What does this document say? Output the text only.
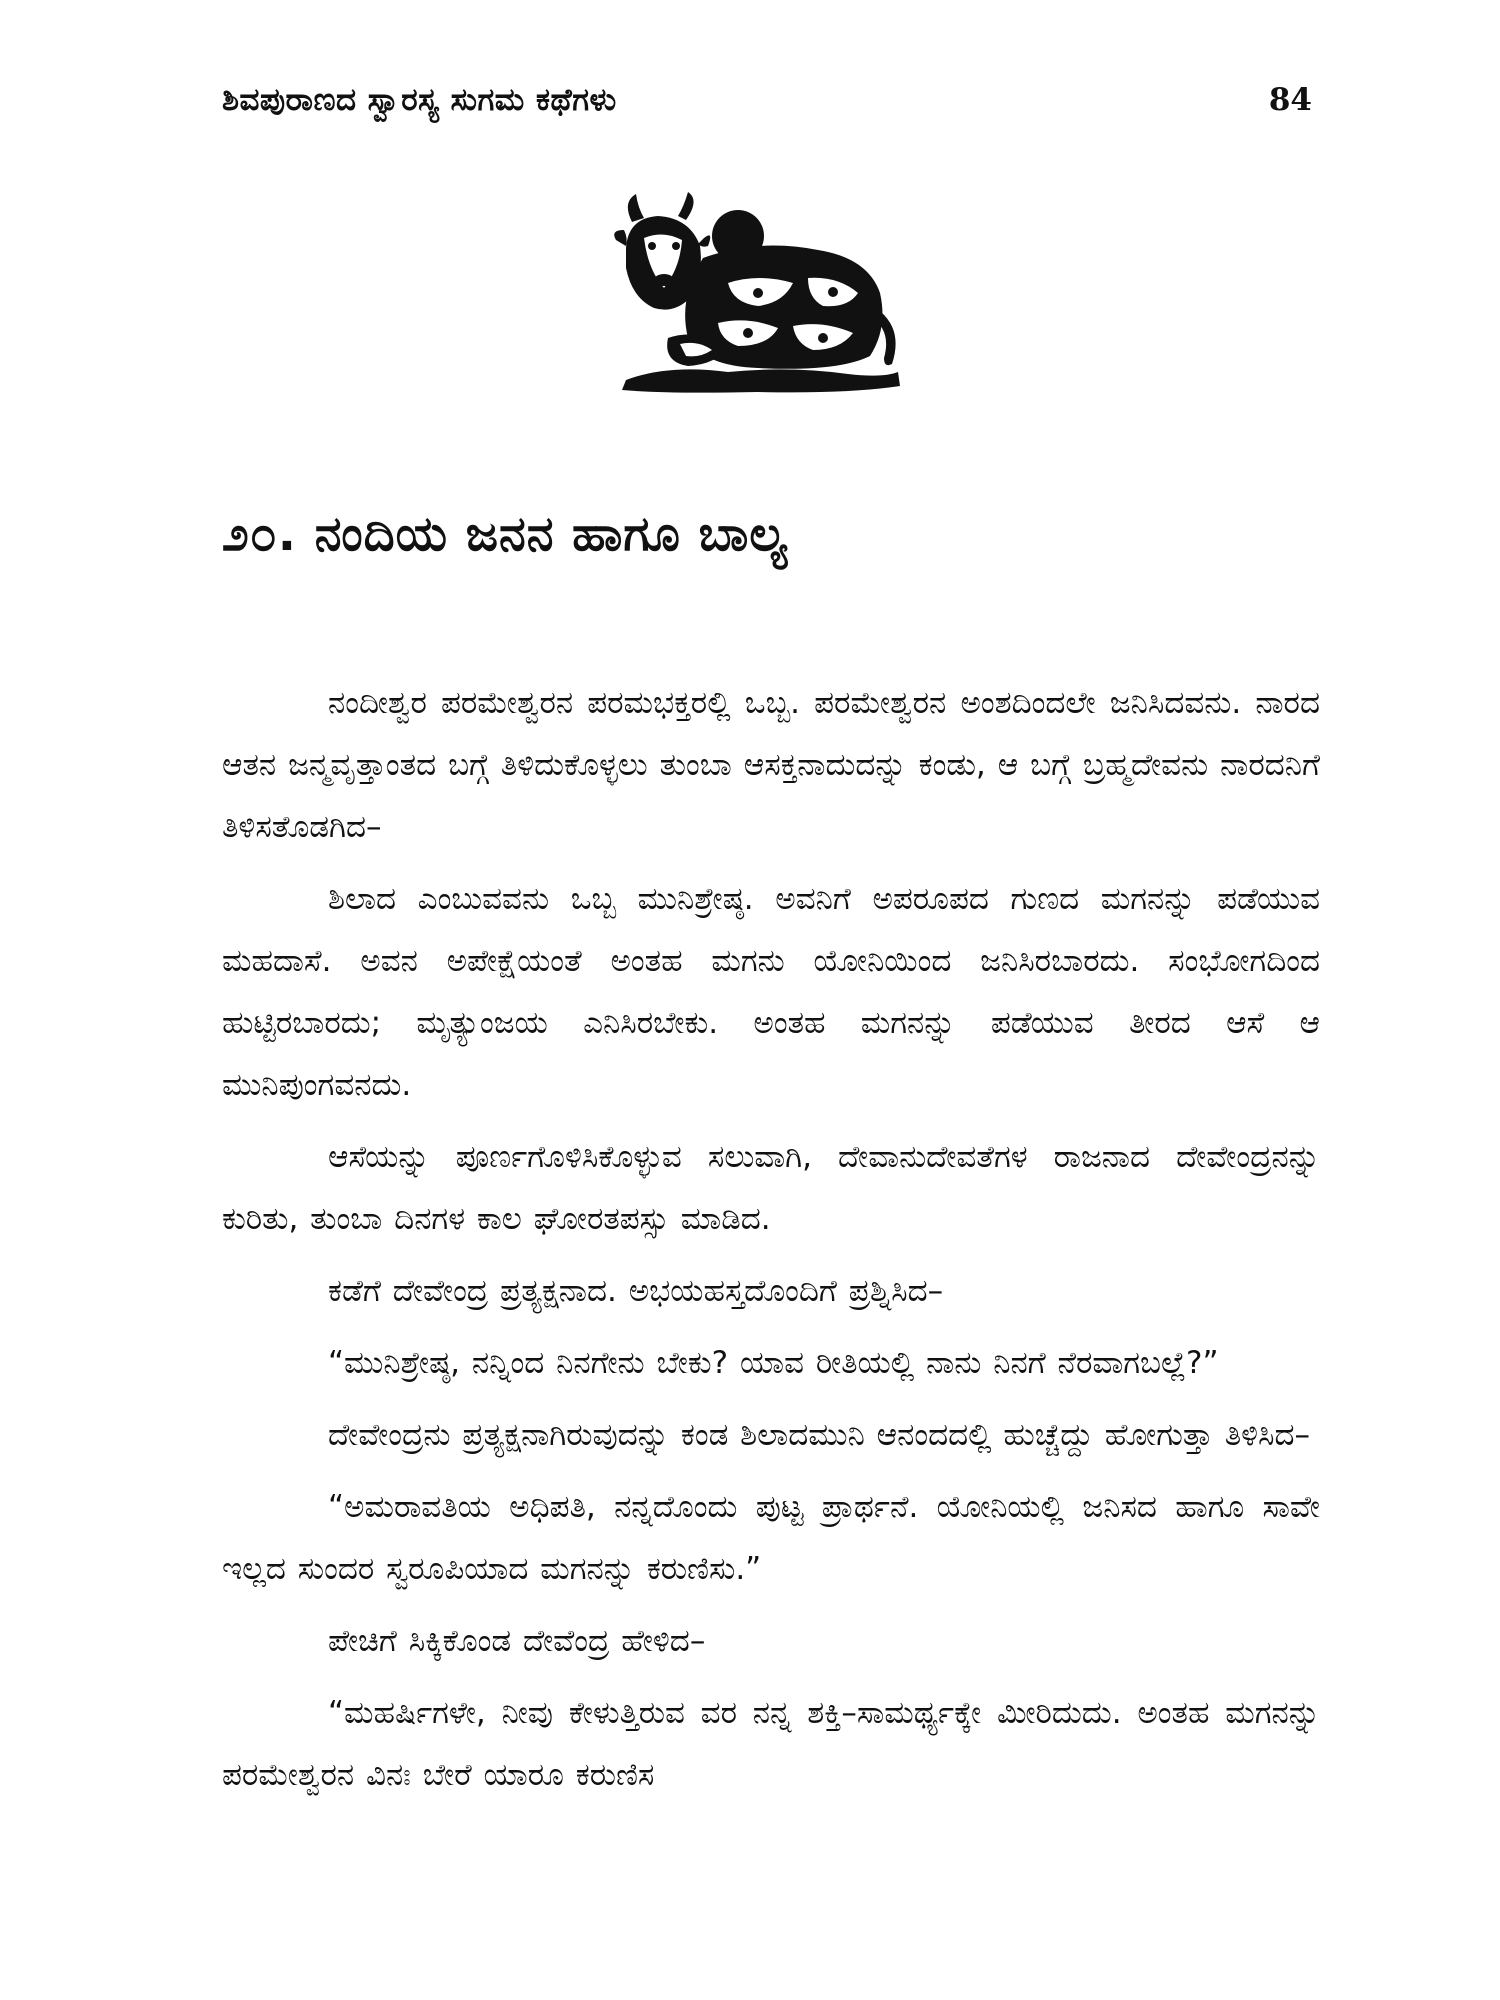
ಶಿವಪುರಾಣದ ಸ್ವಾರಸ್ಯ ಸುಗಮ ಕಥೆಗಳು	84
೨೦. ನಂದಿಯ ಜನನ ಹಾಗೂ ಬಾಲ್ಯ

ನಂದೀಶ್ವರ ಪರಮೇಶ್ವರನ ಪರಮಭಕ್ತರಲ್ಲಿ ಒಬ್ಬ. ಪರಮೇಶ್ವರನ ಅಂಶದಿಂದಲೇ ಜನಿಸಿದವನು. ನಾರದ ಆತನ ಜನ್ಮವೃತ್ತಾಂತದ ಬಗ್ಗೆ ತಿಳಿದುಕೊಳ್ಳಲು ತುಂಬಾ ಆಸಕ್ತನಾದುದನ್ನು ಕಂಡು, ಆ ಬಗ್ಗೆ ಬ್ರಹ್ಮದೇವನು ನಾರದನಿಗೆ ತಿಳಿಸತೊಡಗಿದ–

ಶಿಲಾದ ಎಂಬುವವನು ಒಬ್ಬ ಮುನಿಶ್ರೇಷ್ಠ. ಅವನಿಗೆ ಅಪರೂಪದ ಗುಣದ ಮಗನನ್ನು ಪಡೆಯುವ ಮಹದಾಸೆ. ಅವನ ಅಪೇಕ್ಷೆಯಂತೆ ಅಂತಹ ಮಗನು ಯೋನಿಯಿಂದ ಜನಿಸಿರಬಾರದು. ಸಂಭೋಗದಿಂದ ಹುಟ್ಟಿರಬಾರದು; ಮೃತ್ಯುಂಜಯ ಎನಿಸಿರಬೇಕು. ಅಂತಹ ಮಗನನ್ನು ಪಡೆಯುವ ತೀರದ ಆಸೆ ಆ ಮುನಿಪುಂಗವನದು.

ಆಸೆಯನ್ನು ಪೂರ್ಣಗೊಳಿಸಿಕೊಳ್ಳುವ ಸಲುವಾಗಿ, ದೇವಾನುದೇವತೆಗಳ ರಾಜನಾದ ದೇವೇಂದ್ರನನ್ನು ಕುರಿತು, ತುಂಬಾ ದಿನಗಳ ಕಾಲ ಘೋರತಪಸ್ಸು ಮಾಡಿದ.

ಕಡೆಗೆ ದೇವೇಂದ್ರ ಪ್ರತ್ಯಕ್ಷನಾದ. ಅಭಯಹಸ್ತದೊಂದಿಗೆ ಪ್ರಶ್ನಿಸಿದ–

“ಮುನಿಶ್ರೇಷ್ಠ, ನನ್ನಿಂದ ನಿನಗೇನು ಬೇಕು? ಯಾವ ರೀತಿಯಲ್ಲಿ ನಾನು ನಿನಗೆ ನೆರವಾಗಬಲ್ಲೆ?”

ದೇವೇಂದ್ರನು ಪ್ರತ್ಯಕ್ಷನಾಗಿರುವುದನ್ನು ಕಂಡ ಶಿಲಾದಮುನಿ ಆನಂದದಲ್ಲಿ ಹುಚ್ಚೆದ್ದು ಹೋಗುತ್ತಾ ತಿಳಿಸಿದ–

“ಅಮರಾವತಿಯ ಅಧಿಪತಿ, ನನ್ನದೊಂದು ಪುಟ್ಟ ಪ್ರಾರ್ಥನೆ. ಯೋನಿಯಲ್ಲಿ ಜನಿಸದ ಹಾಗೂ ಸಾವೇ ಇಲ್ಲದ ಸುಂದರ ಸ್ವರೂಪಿಯಾದ ಮಗನನ್ನು ಕರುಣಿಸು.”

ಪೇಚಿಗೆ ಸಿಕ್ಕಿಕೊಂಡ ದೇವೆಂದ್ರ ಹೇಳಿದ–

“ಮಹರ್ಷಿಗಳೇ, ನೀವು ಕೇಳುತ್ತಿರುವ ವರ ನನ್ನ ಶಕ್ತಿ–ಸಾಮರ್ಥ್ಯಕ್ಕೇ ಮೀರಿದುದು. ಅಂತಹ ಮಗನನ್ನು ಪರಮೇಶ್ವರನ ವಿನಃ ಬೇರೆ ಯಾರೂ ಕರುಣಿಸ
